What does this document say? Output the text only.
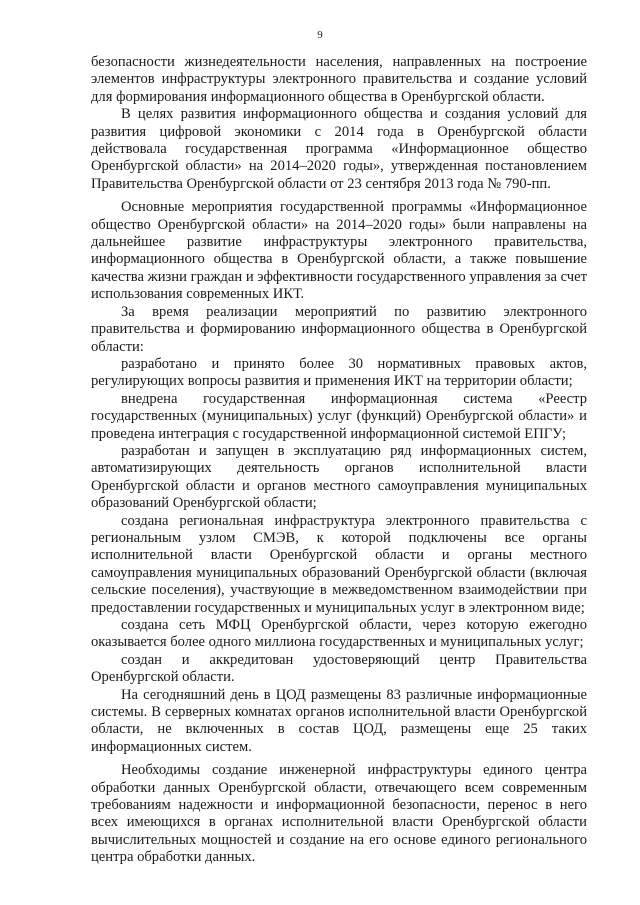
9

безопасности жизнедеятельности населения, направленных на построение элементов инфраструктуры электронного правительства и создание условий для формирования информационного общества в Оренбургской области.

В целях развития информационного общества и создания условий для развития цифровой экономики с 2014 года в Оренбургской области действовала государственная программа «Информационное общество Оренбургской области» на 2014–2020 годы», утвержденная постановлением Правительства Оренбургской области от 23 сентября 2013 года № 790-пп.

Основные мероприятия государственной программы «Информационное общество Оренбургской области» на 2014–2020 годы» были направлены на дальнейшее развитие инфраструктуры электронного правительства, информационного общества в Оренбургской области, а также повышение качества жизни граждан и эффективности государственного управления за счет использования современных ИКТ.

За время реализации мероприятий по развитию электронного правительства и формированию информационного общества в Оренбургской области:

разработано и принято более 30 нормативных правовых актов, регулирующих вопросы развития и применения ИКТ на территории области;

внедрена государственная информационная система «Реестр государственных (муниципальных) услуг (функций) Оренбургской области» и проведена интеграция с государственной информационной системой ЕПГУ;

разработан и запущен в эксплуатацию ряд информационных систем, автоматизирующих деятельность органов исполнительной власти Оренбургской области и органов местного самоуправления муниципальных образований Оренбургской области;

создана региональная инфраструктура электронного правительства с региональным узлом СМЭВ, к которой подключены все органы исполнительной власти Оренбургской области и органы местного самоуправления муниципальных образований Оренбургской области (включая сельские поселения), участвующие в межведомственном взаимодействии при предоставлении государственных и муниципальных услуг в электронном виде;

создана сеть МФЦ Оренбургской области, через которую ежегодно оказывается более одного миллиона государственных и муниципальных услуг;

создан и аккредитован удостоверяющий центр Правительства Оренбургской области.

На сегодняшний день в ЦОД размещены 83 различные информационные системы. В серверных комнатах органов исполнительной власти Оренбургской области, не включенных в состав ЦОД, размещены еще 25 таких информационных систем.

Необходимы создание инженерной инфраструктуры единого центра обработки данных Оренбургской области, отвечающего всем современным требованиям надежности и информационной безопасности, перенос в него всех имеющихся в органах исполнительной власти Оренбургской области вычислительных мощностей и создание на его основе единого регионального центра обработки данных.
